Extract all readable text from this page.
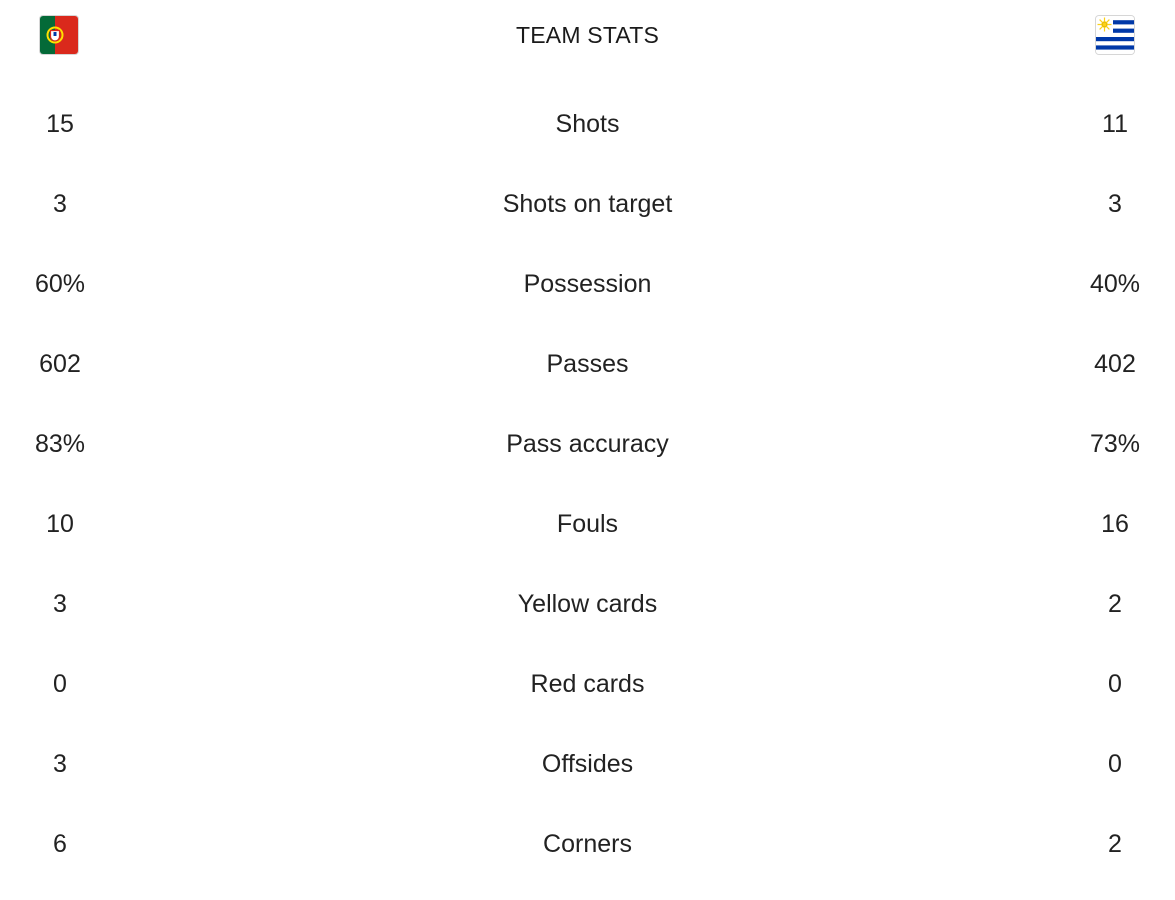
TEAM STATS
15	Shots	11
3	Shots on target	3
60%	Possession	40%
602	Passes	402
83%	Pass accuracy	73%
10	Fouls	16
3	Yellow cards	2
0	Red cards	0
3	Offsides	0
6	Corners	2
